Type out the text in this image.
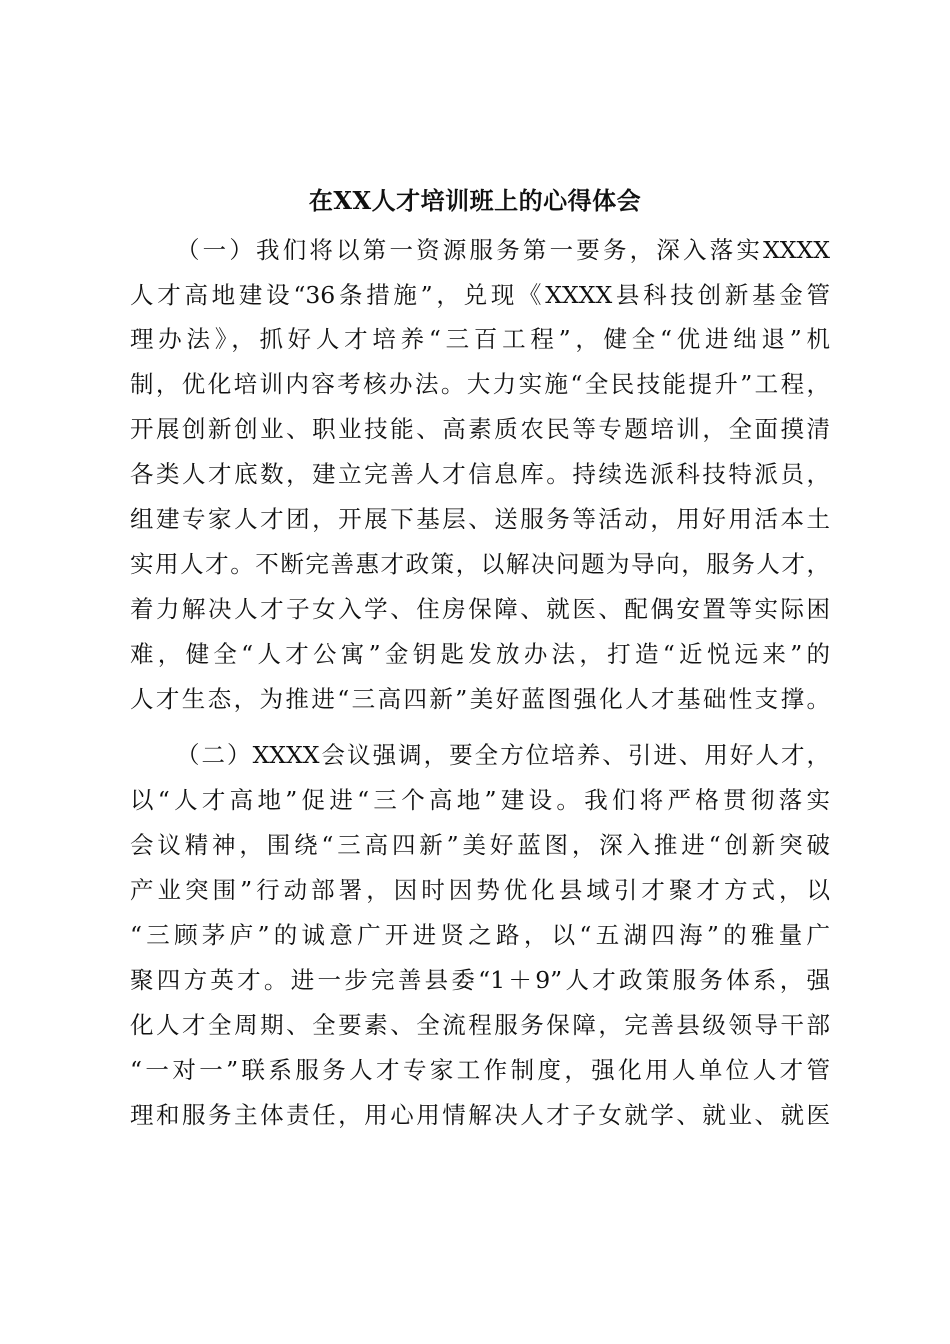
在XX人才培训班上的心得体会
（一）我们将以第一资源服务第一要务，深入落实XXXX
人才高地建设“36条措施”，兑现《XXXX县科技创新基金管
理办法》，抓好人才培养“三百工程”，健全“优进绌退”机
制，优化培训内容考核办法。大力实施“全民技能提升”工程，
开展创新创业、职业技能、高素质农民等专题培训，全面摸清
各类人才底数，建立完善人才信息库。持续选派科技特派员，
组建专家人才团，开展下基层、送服务等活动，用好用活本土
实用人才。不断完善惠才政策，以解决问题为导向，服务人才，
着力解决人才子女入学、住房保障、就医、配偶安置等实际困
难，健全“人才公寓”金钥匙发放办法，打造“近悦远来”的
人才生态，为推进“三高四新”美好蓝图强化人才基础性支撑。
（二）XXXX会议强调，要全方位培养、引进、用好人才，
以“人才高地”促进“三个高地”建设。我们将严格贯彻落实
会议精神，围绕“三高四新”美好蓝图，深入推进“创新突破
产业突围”行动部署，因时因势优化县域引才聚才方式，以
“三顾茅庐”的诚意广开进贤之路，以“五湖四海”的雅量广
聚四方英才。进一步完善县委“1＋9”人才政策服务体系，强
化人才全周期、全要素、全流程服务保障，完善县级领导干部
“一对一”联系服务人才专家工作制度，强化用人单位人才管
理和服务主体责任，用心用情解决人才子女就学、就业、就医
